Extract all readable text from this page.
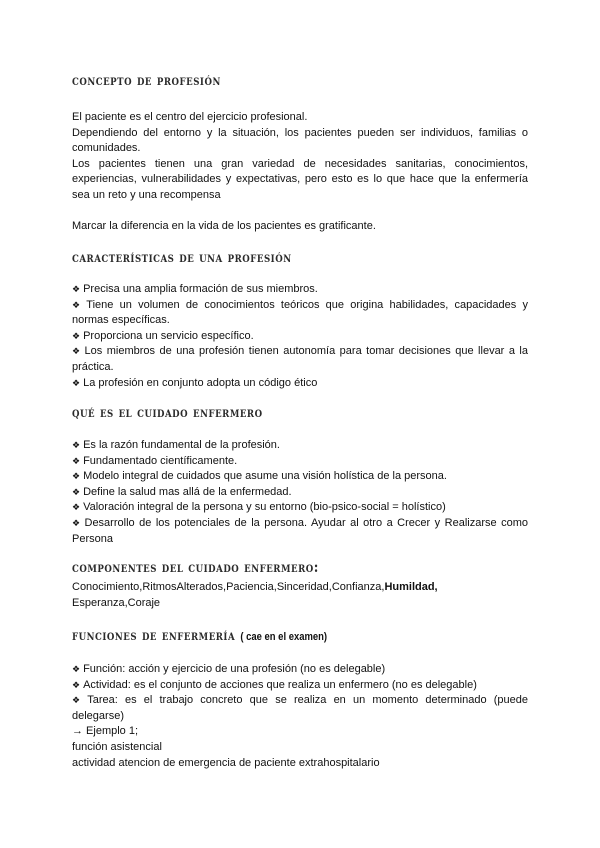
concepto de profesión

El paciente es el centro del ejercicio profesional.

Dependiendo del entorno y la situación, los pacientes pueden ser individuos, familias o comunidades.

Los pacientes tienen una gran variedad de necesidades sanitarias, conocimientos, experiencias, vulnerabilidades y expectativas, pero esto es lo que hace que la enfermería sea un reto y una recompensa

Marcar la diferencia en la vida de los pacientes es gratificante.

características de una profesión
❖ Precisa una amplia formación de sus miembros.
❖ Tiene un volumen de conocimientos teóricos que origina habilidades, capacidades y normas específicas.
❖ Proporciona un servicio específico.
❖ Los miembros de una profesión tienen autonomía para tomar decisiones que llevar a la práctica.
❖ La profesión en conjunto adopta un código ético
qué es el cuidado enfermero
❖ Es la razón fundamental de la profesión.
❖ Fundamentado científicamente.
❖ Modelo integral de cuidados que asume una visión holística de la persona.
❖ Define la salud mas allá de la enfermedad.
❖ Valoración integral de la persona y su entorno (bio-psico-social = holístico)
❖ Desarrollo de los potenciales de la persona. Ayudar al otro a Crecer y Realizarse como Persona
componentes del cuidado enfermero:

Conocimiento,RitmosAlterados,Paciencia,Sinceridad,Confianza,Humildad,
Esperanza,Coraje

funciones de enfermería ( cae en el examen)
❖ Función: acción y ejercicio de una profesión (no es delegable)
❖ Actividad: es el conjunto de acciones que realiza un enfermero (no es delegable)
❖ Tarea: es el trabajo concreto que se realiza en un momento determinado (puede delegarse)

→ Ejemplo 1;

función asistencial

actividad atencion de emergencia de paciente extrahospitalario
